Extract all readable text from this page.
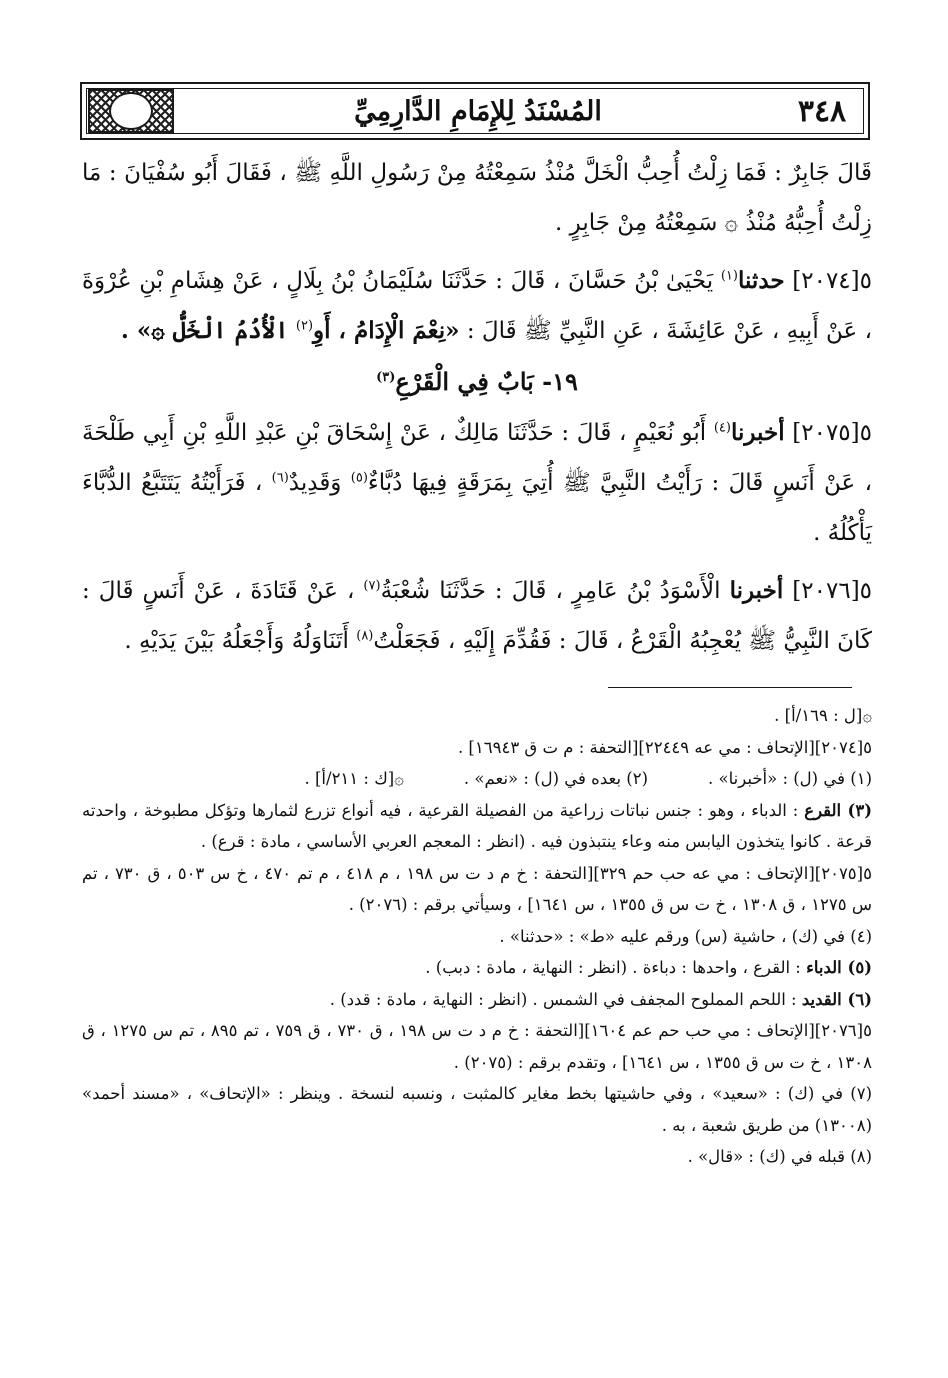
المُسْنَدُ لِلإِمَامِ الدَّارِمِيِّ	٣٤٨

قَالَ جَابِرٌ : فَمَا زِلْتُ أُحِبُّ الْخَلَّ مُنْذُ سَمِعْتُهُ مِنْ رَسُولِ اللَّهِ ﷺ ، فَقَالَ أَبُو سُفْيَانَ : مَا زِلْتُ أُحِبُّهُ مُنْذُ ۞ سَمِعْتُهُ مِنْ جَابِرٍ .

٥[٢٠٧٤] حدثنا$^{(١)}$ يَحْيَىٰ بْنُ حَسَّانَ ، قَالَ : حَدَّثَنَا سُلَيْمَانُ بْنُ بِلَالٍ ، عَنْ هِشَامِ بْنِ عُرْوَةَ ، عَنْ أَبِيهِ ، عَنْ عَائِشَةَ ، عَنِ النَّبِيِّ ﷺ قَالَ : «نِعْمَ الْإِدَامُ ، أَوِ$^{(٢)}$ الْأُدُمُ الْخَلُّ ۞» .

١٩- بَابٌ فِي الْقَرْعِ$^{(٣)}$

٥[٢٠٧٥] أخبرنا$^{(٤)}$ أَبُو نُعَيْمٍ ، قَالَ : حَدَّثَنَا مَالِكٌ ، عَنْ إِسْحَاقَ بْنِ عَبْدِ اللَّهِ بْنِ أَبِي طَلْحَةَ ، عَنْ أَنَسٍ قَالَ : رَأَيْتُ النَّبِيَّ ﷺ أُتِيَ بِمَرَقَةٍ فِيهَا دُبَّاءٌ$^{(٥)}$ وَقَدِيدٌ$^{(٦)}$ ، فَرَأَيْتُهُ يَتَتَبَّعُ الدُّبَّاءَ يَأْكُلُهُ .

٥[٢٠٧٦] أخبرنا الْأَسْوَدُ بْنُ عَامِرٍ ، قَالَ : حَدَّثَنَا شُعْبَةُ$^{(٧)}$ ، عَنْ قَتَادَةَ ، عَنْ أَنَسٍ قَالَ : كَانَ النَّبِيُّ ﷺ يُعْجِبُهُ الْقَرْعُ ، قَالَ : فَقُدِّمَ إِلَيْهِ ، فَجَعَلْتُ$^{(٨)}$ أَتَنَاوَلُهُ وَأَجْعَلُهُ بَيْنَ يَدَيْهِ .

۞[ل : ١٦٩/أ] .

٥[٢٠٧٤][الإتحاف : مي عه ٢٢٤٤٩][التحفة : م ت ق ١٦٩٤٣] .

(١) في (ل) : «أخبرنا» .
(٢) بعده في (ل) : «نعم» .
۞[ك : ٢١١/أ] .

(٣) القرع : الدباء ، وهو : جنس نباتات زراعية من الفصيلة القرعية ، فيه أنواع تزرع لثمارها وتؤكل مطبوخة ، واحدته قرعة . كانوا يتخذون اليابس منه وعاء ينتبذون فيه . (انظر : المعجم العربي الأساسي ، مادة : قرع) .

٥[٢٠٧٥][الإتحاف : مي عه حب حم ٣٢٩][التحفة : خ م د ت س ١٩٨ ، م ٤١٨ ، م تم ٤٧٠ ، خ س ٥٠٣ ، ق ٧٣٠ ، تم س ١٢٧٥ ، ق ١٣٠٨ ، خ ت س ق ١٣٥٥ ، س ١٦٤١] ، وسيأتي برقم : (٢٠٧٦) .

(٤) في (ك) ، حاشية (س) ورقم عليه «ط» : «حدثنا» .

(٥) الدباء : القرع ، واحدها : دباءة . (انظر : النهاية ، مادة : دبب) .

(٦) القديد : اللحم المملوح المجفف في الشمس . (انظر : النهاية ، مادة : قدد) .

٥[٢٠٧٦][الإتحاف : مي حب حم عم ١٦٠٤][التحفة : خ م د ت س ١٩٨ ، ق ٧٣٠ ، ق ٧٥٩ ، تم ٨٩٥ ، تم س ١٢٧٥ ، ق ١٣٠٨ ، خ ت س ق ١٣٥٥ ، س ١٦٤١] ، وتقدم برقم : (٢٠٧٥) .

(٧) في (ك) : «سعيد» ، وفي حاشيتها بخط مغاير كالمثبت ، ونسبه لنسخة . وينظر : «الإتحاف» ، «مسند أحمد» (١٣٠٠٨) من طريق شعبة ، به .

(٨) قبله في (ك) : «قال» .
